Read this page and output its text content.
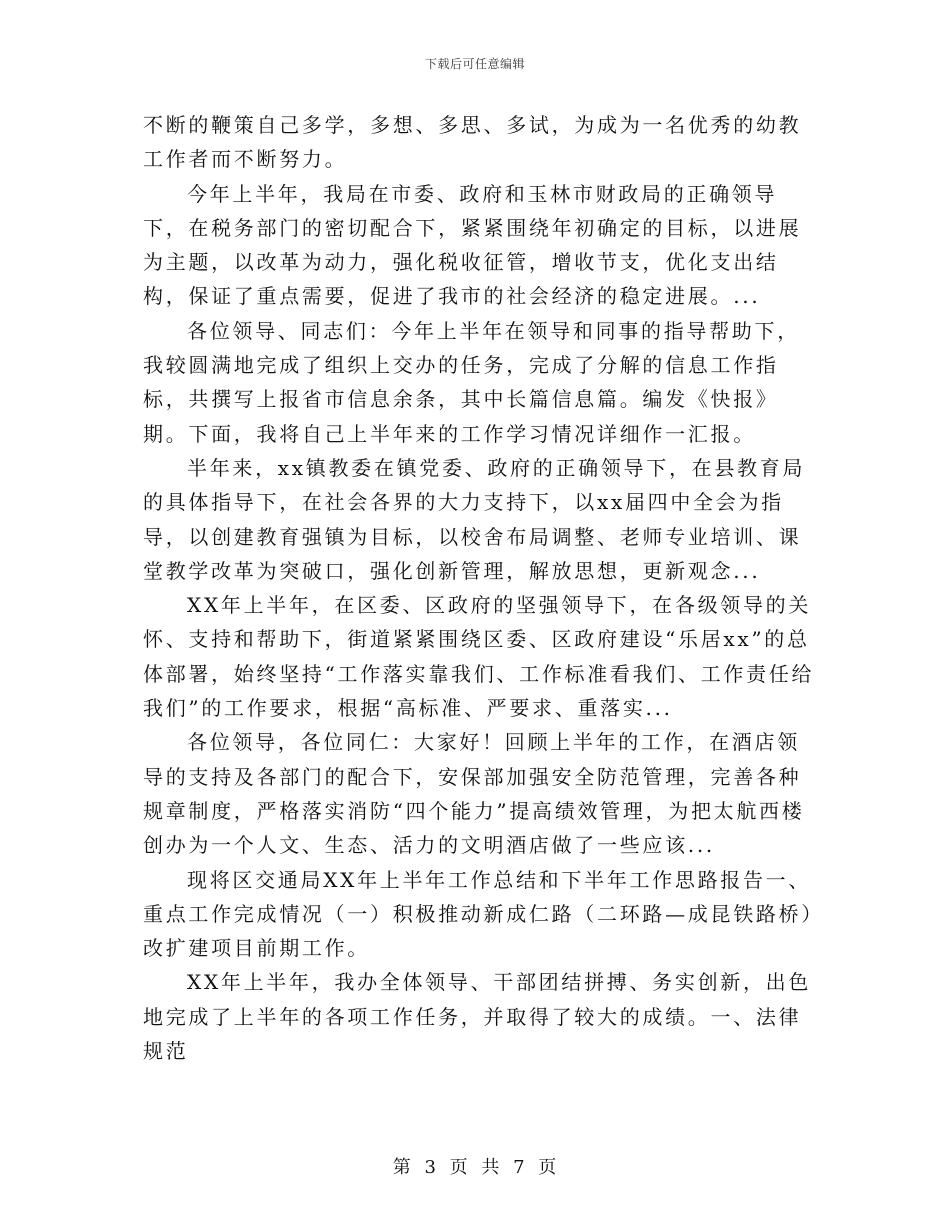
下载后可任意编辑

不断的鞭策自己多学，多想、多思、多试，为成为一名优秀的幼教工作者而不断努力。

今年上半年，我局在市委、政府和玉林市财政局的正确领导下，在税务部门的密切配合下，紧紧围绕年初确定的目标，以进展为主题，以改革为动力，强化税收征管，增收节支，优化支出结构，保证了重点需要，促进了我市的社会经济的稳定进展。...

各位领导、同志们：今年上半年在领导和同事的指导帮助下，我较圆满地完成了组织上交办的任务，完成了分解的信息工作指标，共撰写上报省市信息余条，其中长篇信息篇。编发《快报》期。下面，我将自己上半年来的工作学习情况详细作一汇报。

半年来，xx镇教委在镇党委、政府的正确领导下，在县教育局的具体指导下，在社会各界的大力支持下，以xx届四中全会为指导，以创建教育强镇为目标，以校舍布局调整、老师专业培训、课堂教学改革为突破口，强化创新管理，解放思想，更新观念...

XX年上半年，在区委、区政府的坚强领导下，在各级领导的关怀、支持和帮助下，街道紧紧围绕区委、区政府建设“乐居xx”的总体部署，始终坚持“工作落实靠我们、工作标准看我们、工作责任给我们”的工作要求，根据“高标准、严要求、重落实...

各位领导，各位同仁：大家好！回顾上半年的工作，在酒店领导的支持及各部门的配合下，安保部加强安全防范管理，完善各种规章制度，严格落实消防“四个能力”提高绩效管理，为把太航西楼创办为一个人文、生态、活力的文明酒店做了一些应该...

现将区交通局XX年上半年工作总结和下半年工作思路报告一、重点工作完成情况（一）积极推动新成仁路（二环路—成昆铁路桥）改扩建项目前期工作。

XX年上半年，我办全体领导、干部团结拼搏、务实创新，出色地完成了上半年的各项工作任务，并取得了较大的成绩。一、法律规范

第 3 页 共 7 页
